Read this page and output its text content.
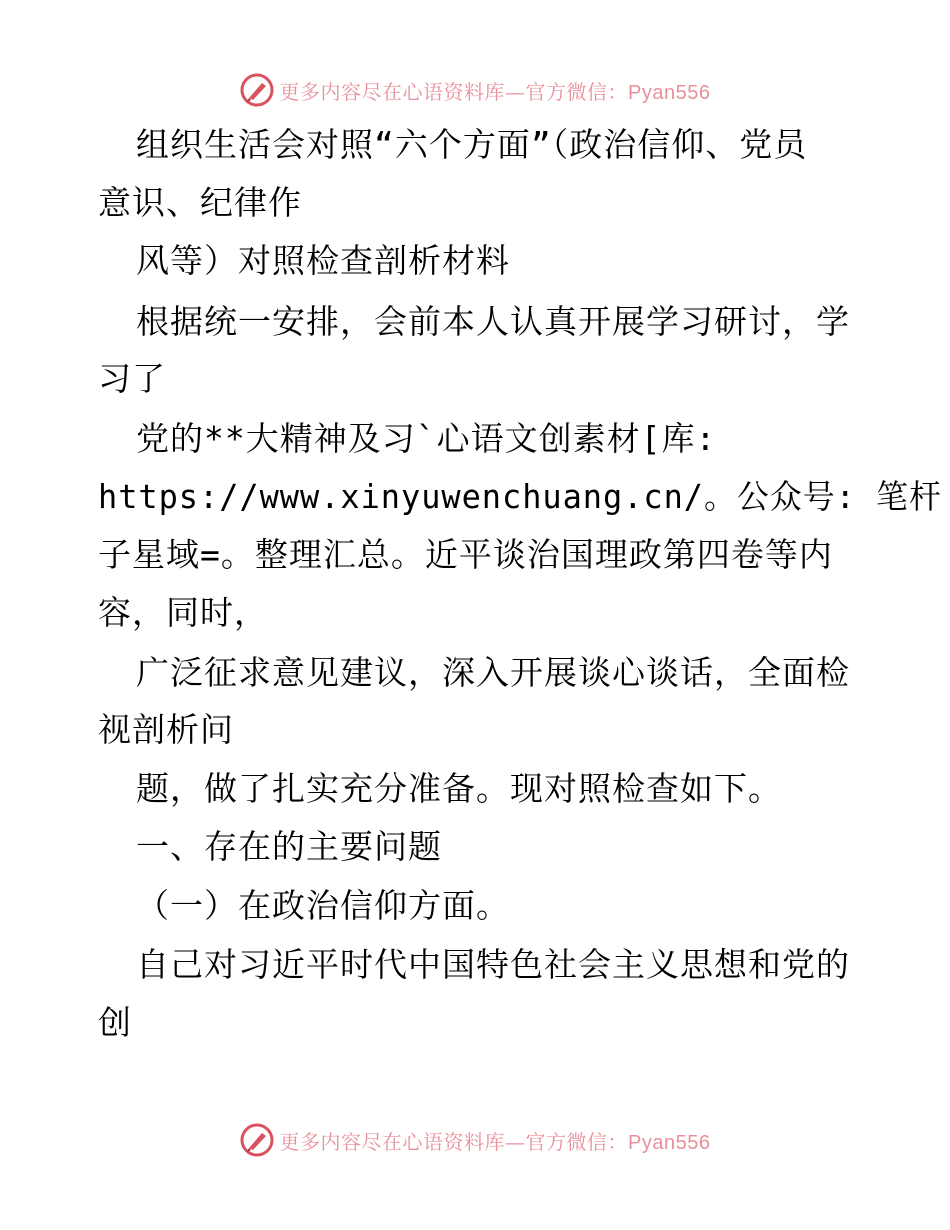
更多内容尽在心语资料库—官方微信：Pyan556
组织生活会对照“六个方面”（政治信仰、党员
意识、纪律作
风等）对照检查剖析材料
根据统一安排，会前本人认真开展学习研讨，学
习了
党的**大精神及习`心语文创素材[库:
https://www.xinyuwenchuang.cn/。公众号: 笔杆
子星域=。整理汇总。近平谈治国理政第四卷等内
容，同时，
广泛征求意见建议，深入开展谈心谈话，全面检
视剖析问
题，做了扎实充分准备。现对照检查如下。
一、存在的主要问题
（一）在政治信仰方面。
自己对习近平时代中国特色社会主义思想和党的
创
更多内容尽在心语资料库—官方微信：Pyan556
